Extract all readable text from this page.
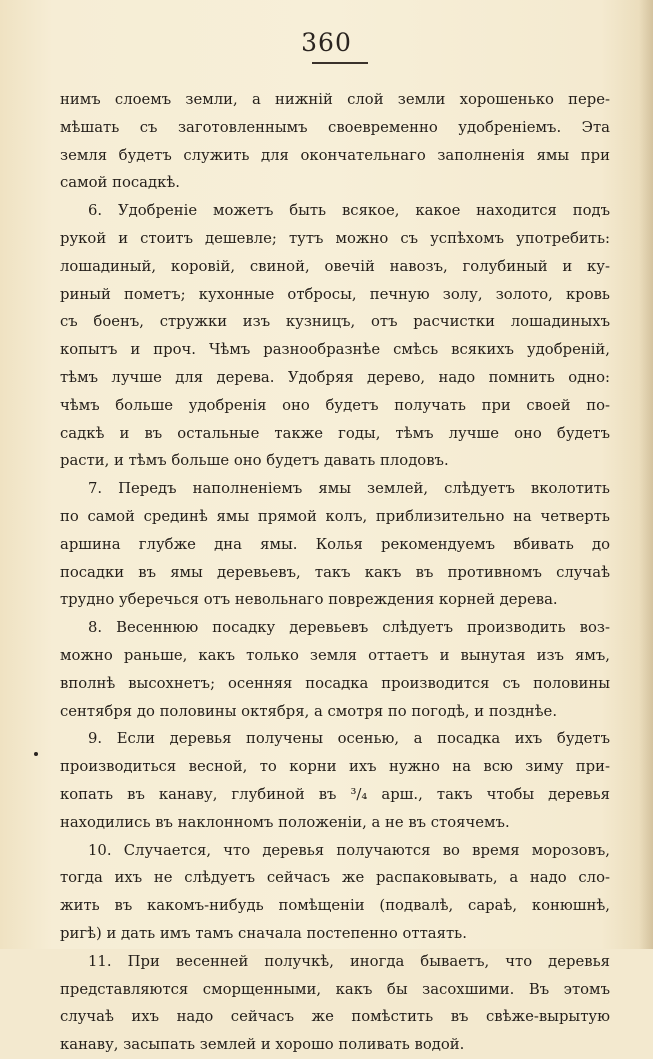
360
нимъ слоемъ земли, а нижній слой земли хорошенько пере-
мѣшать съ заготовленнымъ своевременно удобреніемъ. Эта
земля будетъ служить для окончательнаго заполненія ямы при
самой посадкѣ.
6. Удобреніе можетъ быть всякое, какое находится подъ
рукой и стоитъ дешевле; тутъ можно съ успѣхомъ употребить:
лошадиный, коровій, свиной, овечій навозъ, голубиный и ку-
риный пометъ; кухонные отбросы, печную золу, золото, кровь
съ боенъ, стружки изъ кузницъ, отъ расчистки лошадиныхъ
копытъ и проч. Чѣмъ разнообразнѣе смѣсь всякихъ удобреній,
тѣмъ лучше для дерева. Удобряя дерево, надо помнить одно:
чѣмъ больше удобренія оно будетъ получать при своей по-
садкѣ и въ остальные также годы, тѣмъ лучше оно будетъ
расти, и тѣмъ больше оно будетъ давать плодовъ.
7. Передъ наполненіемъ ямы землей, слѣдуетъ вколотить
по самой срединѣ ямы прямой колъ, приблизительно на четверть
аршина глубже дна ямы. Колья рекомендуемъ вбивать до
посадки въ ямы деревьевъ, такъ какъ въ противномъ случаѣ
трудно уберечься отъ невольнаго повреждения корней дерева.
8. Весеннюю посадку деревьевъ слѣдуетъ производить воз-
можно раньше, какъ только земля оттаетъ и вынутая изъ ямъ,
вполнѣ высохнетъ; осенняя посадка производится съ половины
сентября до половины октября, а смотря по погодѣ, и позднѣе.
9. Если деревья получены осенью, а посадка ихъ будетъ
производиться весной, то корни ихъ нужно на всю зиму при-
копать въ канаву, глубиной въ ³/₄ арш., такъ чтобы деревья
находились въ наклонномъ положеніи, а не въ стоячемъ.
10. Случается, что деревья получаются во время морозовъ,
тогда ихъ не слѣдуетъ сейчасъ же распаковывать, а надо сло-
жить въ какомъ-нибудь помѣщеніи (подвалѣ, сараѣ, конюшнѣ,
ригѣ) и дать имъ тамъ сначала постепенно оттаять.
11. При весенней получкѣ, иногда бываетъ, что деревья
представляются сморщенными, какъ бы засохшими. Въ этомъ
случаѣ ихъ надо сейчасъ же помѣстить въ свѣже-вырытую
канаву, засыпать землей и хорошо поливать водой.
